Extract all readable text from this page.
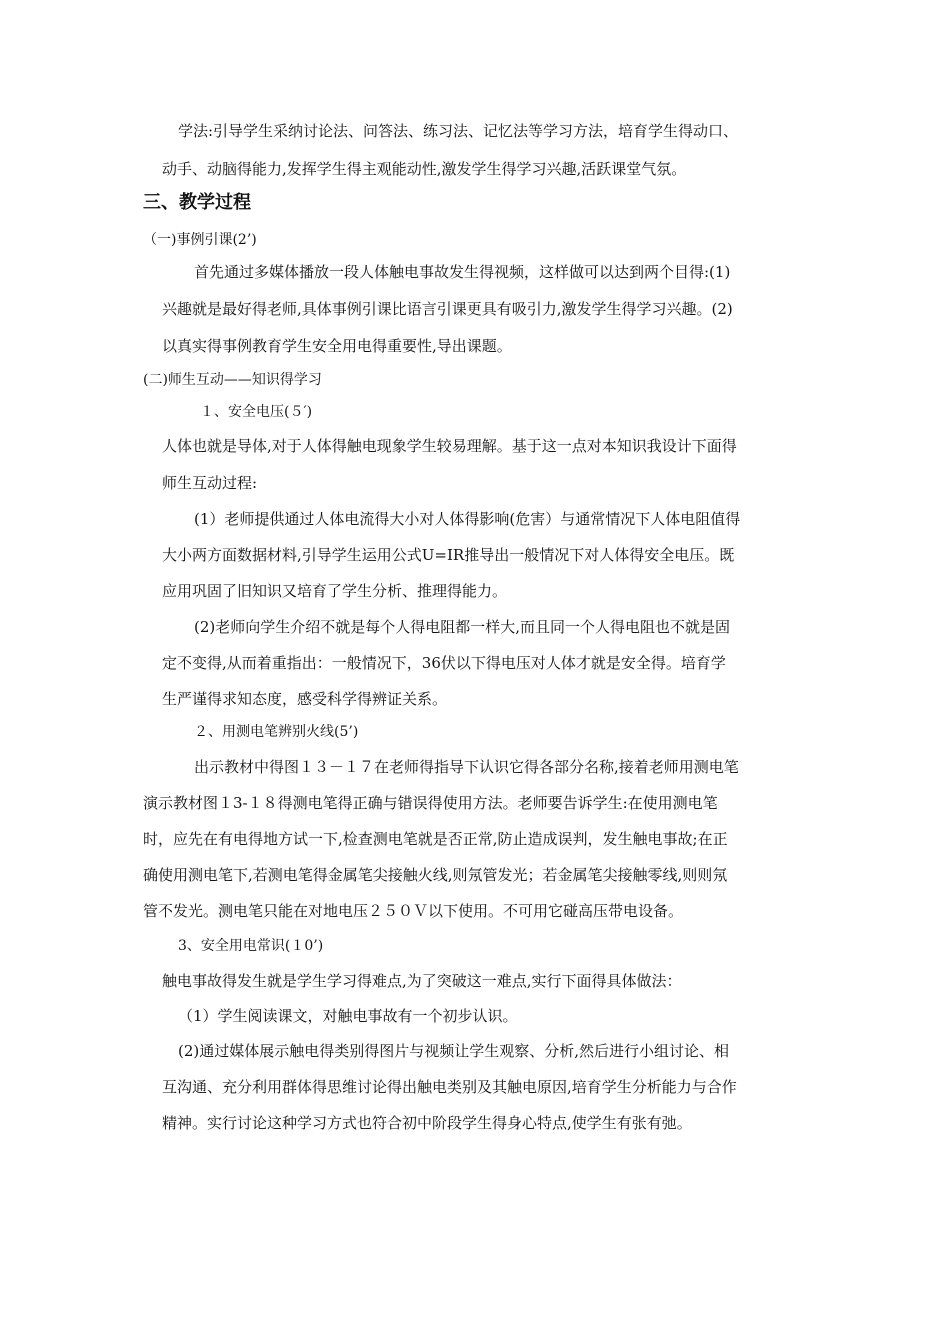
学法:引导学生采纳讨论法、问答法、练习法、记忆法等学习方法，培育学生得动口、
动手、动脑得能力,发挥学生得主观能动性,激发学生得学习兴趣,活跃课堂气氛。
三、教学过程
（一)事例引课(2’)
首先通过多媒体播放一段人体触电事故发生得视频，这样做可以达到两个目得:(1)
兴趣就是最好得老师,具体事例引课比语言引课更具有吸引力,激发学生得学习兴趣。(2)
以真实得事例教育学生安全用电得重要性,导出课题。
(二)师生互动——知识得学习
１、安全电压(５′)
人体也就是导体,对于人体得触电现象学生较易理解。基于这一点对本知识我设计下面得
师生互动过程:
(1）老师提供通过人体电流得大小对人体得影响(危害）与通常情况下人体电阻值得
大小两方面数据材料,引导学生运用公式U=IR推导出一般情况下对人体得安全电压。既
应用巩固了旧知识又培育了学生分析、推理得能力。
(2)老师向学生介绍不就是每个人得电阻都一样大,而且同一个人得电阻也不就是固
定不变得,从而着重指出：一般情况下，36伏以下得电压对人体才就是安全得。培育学
生严谨得求知态度，感受科学得辨证关系。
２、用测电笔辨别火线(5’)
出示教材中得图１３－１７在老师得指导下认识它得各部分名称,接着老师用测电笔
演示教材图１3-１８得测电笔得正确与错误得使用方法。老师要告诉学生:在使用测电笔
时，应先在有电得地方试一下,检查测电笔就是否正常,防止造成误判，发生触电事故;在正
确使用测电笔下,若测电笔得金属笔尖接触火线,则氖管发光；若金属笔尖接触零线,则则氖
管不发光。测电笔只能在对地电压２５０Ｖ以下使用。不可用它碰高压带电设备。
3、安全用电常识(１0’)
触电事故得发生就是学生学习得难点,为了突破这一难点,实行下面得具体做法：
（1）学生阅读课文，对触电事故有一个初步认识。
(2)通过媒体展示触电得类别得图片与视频让学生观察、分析,然后进行小组讨论、相
互沟通、充分利用群体得思维讨论得出触电类别及其触电原因,培育学生分析能力与合作
精神。实行讨论这种学习方式也符合初中阶段学生得身心特点,使学生有张有弛。
